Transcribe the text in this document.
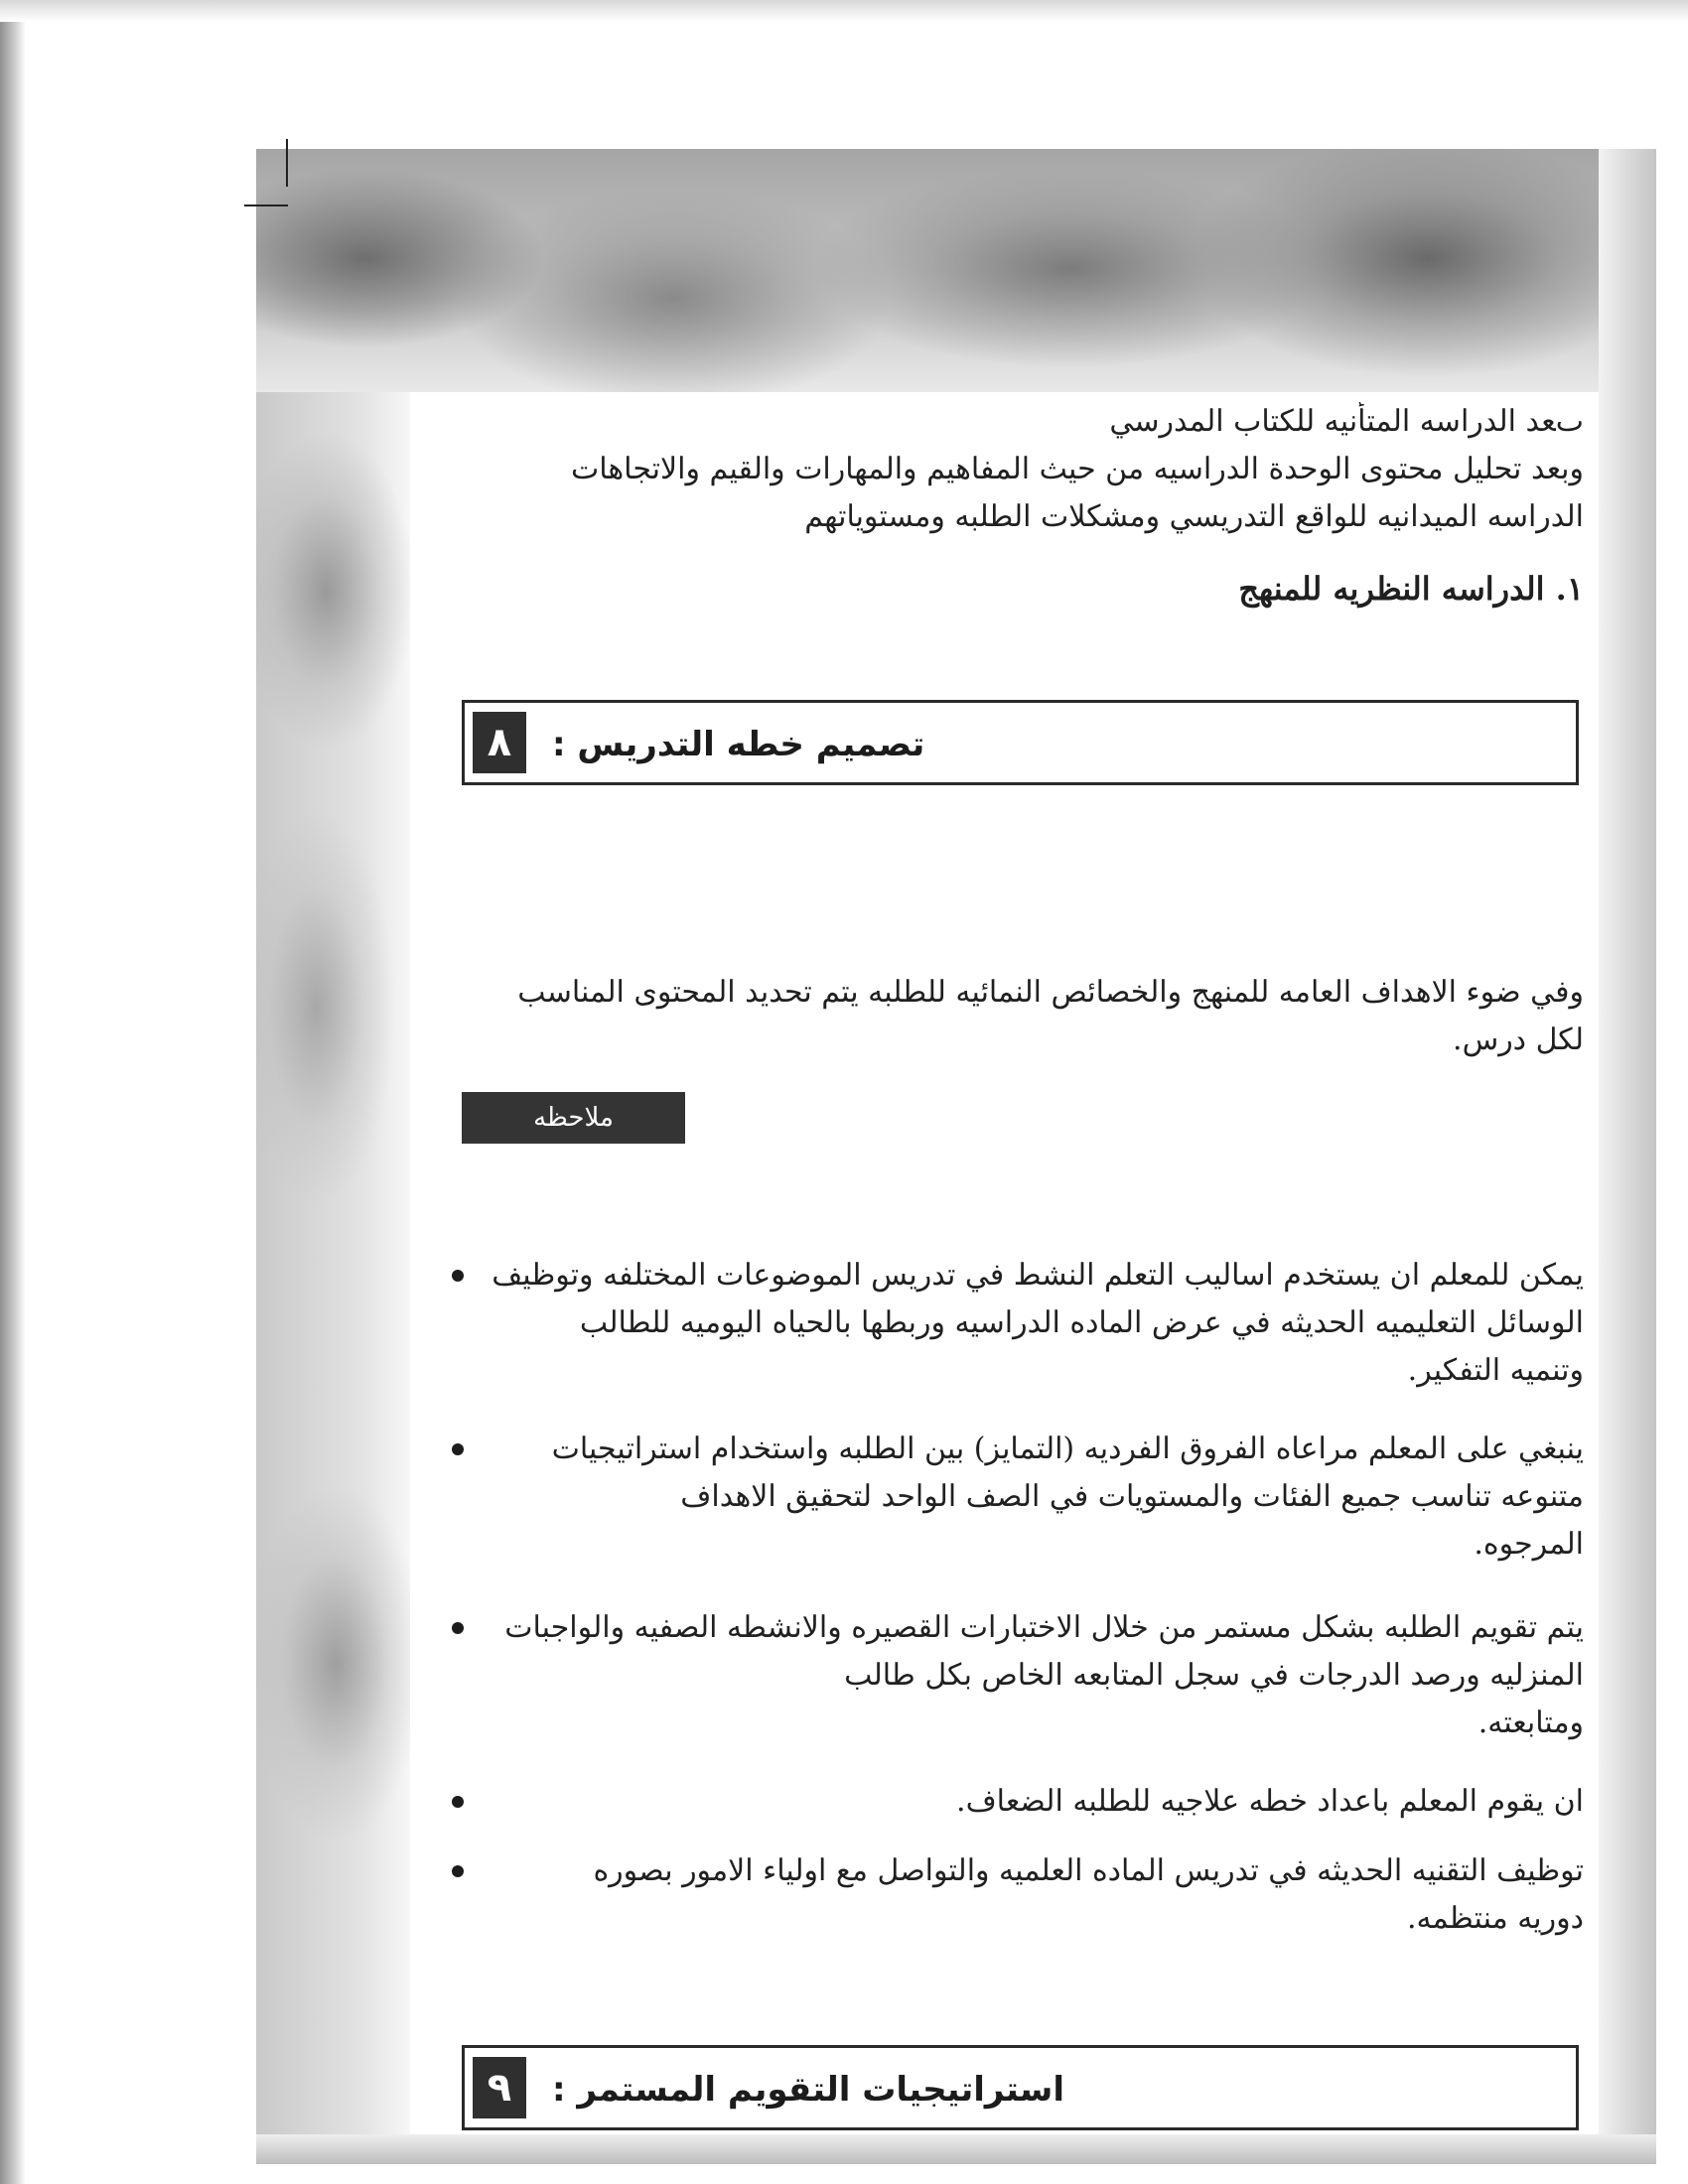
ٮﻌﺪ ﺍﻟﺪﺭﺍﺳﻪ ﺍﻟﻤﺘﺄﻧﻴﻪ ﻟﻠﻜﺘﺎﺏ ﺍﻟﻤﺪﺭﺳﻲ
ﻭﺑﻌﺪ ﺗﺤﻠﻴﻞ ﻣﺤﺘﻮﻯ ﺍﻟﻮﺣﺪﺓ ﺍﻟﺪﺭﺍﺳﻴﻪ ﻣﻦ ﺣﻴﺚ ﺍﻟﻤﻔﺎﻫﻴﻢ ﻭﺍﻟﻤﻬﺎﺭﺍﺕ ﻭﺍﻟﻘﻴﻢ ﻭﺍﻻﺗﺠﺎﻫﺎﺕ
ﺍﻟﺪﺭﺍﺳﻪ ﺍﻟﻤﻴﺪﺍﻧﻴﻪ ﻟﻠﻮﺍﻗﻊ ﺍﻟﺘﺪﺭﻳﺴﻲ ﻭﻣﺸﻜﻼﺕ ﺍﻟﻄﻠﺒﻪ ﻭﻣﺴﺘﻮﻳﺎﺗﻬﻢ
١. ﺍﻟﺪﺭﺍﺳﻪ ﺍﻟﻨﻈﺮﻳﻪ ﻟﻠﻤﻨﻬﺞ
٨	ﺗﺼﻤﻴﻢ ﺧﻄﻪ ﺍﻟﺘﺪﺭﻳﺲ :
ﻭﻓﻲ ﺿﻮﺀ ﺍﻻﻫﺪﺍﻑ ﺍﻟﻌﺎﻣﻪ ﻟﻠﻤﻨﻬﺞ ﻭﺍﻟﺨﺼﺎﺋﺺ ﺍﻟﻨﻤﺎﺋﻴﻪ ﻟﻠﻄﻠﺒﻪ ﻳﺘﻢ ﺗﺤﺪﻳﺪ ﺍﻟﻤﺤﺘﻮﻯ ﺍﻟﻤﻨﺎﺳﺐ
ﻟﻜﻞ ﺩﺭﺱ.
ﻣﻼﺣﻈﻪ
ﻳﻤﻜﻦ ﻟﻠﻤﻌﻠﻢ ﺍﻥ ﻳﺴﺘﺨﺪﻡ ﺍﺳﺎﻟﻴﺐ ﺍﻟﺘﻌﻠﻢ ﺍﻟﻨﺸﻂ ﻓﻲ ﺗﺪﺭﻳﺲ ﺍﻟﻤﻮﺿﻮﻋﺎﺕ ﺍﻟﻤﺨﺘﻠﻔﻪ ﻭﺗﻮﻇﻴﻒ
ﺍﻟﻮﺳﺎﺋﻞ ﺍﻟﺘﻌﻠﻴﻤﻴﻪ ﺍﻟﺤﺪﻳﺜﻪ ﻓﻲ ﻋﺮﺽ ﺍﻟﻤﺎﺩﻩ ﺍﻟﺪﺭﺍﺳﻴﻪ ﻭﺭﺑﻄﻬﺎ ﺑﺎﻟﺤﻴﺎﻩ ﺍﻟﻴﻮﻣﻴﻪ ﻟﻠﻄﺎﻟﺐ
ﻭﺗﻨﻤﻴﻪ ﺍﻟﺘﻔﻜﻴﺮ.
ﻳﻨﺒﻐﻲ ﻋﻠﻰ ﺍﻟﻤﻌﻠﻢ ﻣﺮﺍﻋﺎﻩ ﺍﻟﻔﺮﻭﻕ ﺍﻟﻔﺮﺩﻳﻪ (ﺍﻟﺘﻤﺎﻳﺰ) ﺑﻴﻦ ﺍﻟﻄﻠﺒﻪ ﻭﺍﺳﺘﺨﺪﺍﻡ ﺍﺳﺘﺮﺍﺗﻴﺠﻴﺎﺕ
ﻣﺘﻨﻮﻋﻪ ﺗﻨﺎﺳﺐ ﺟﻤﻴﻊ ﺍﻟﻔﺌﺎﺕ ﻭﺍﻟﻤﺴﺘﻮﻳﺎﺕ ﻓﻲ ﺍﻟﺼﻒ ﺍﻟﻮﺍﺣﺪ ﻟﺘﺤﻘﻴﻖ ﺍﻻﻫﺪﺍﻑ
ﺍﻟﻤﺮﺟﻮﻩ.
ﻳﺘﻢ ﺗﻘﻮﻳﻢ ﺍﻟﻄﻠﺒﻪ ﺑﺸﻜﻞ ﻣﺴﺘﻤﺮ ﻣﻦ ﺧﻼﻝ ﺍﻻﺧﺘﺒﺎﺭﺍﺕ ﺍﻟﻘﺼﻴﺮﻩ ﻭﺍﻻﻧﺸﻄﻪ ﺍﻟﺼﻔﻴﻪ ﻭﺍﻟﻮﺍﺟﺒﺎﺕ
ﺍﻟﻤﻨﺰﻟﻴﻪ ﻭﺭﺻﺪ ﺍﻟﺪﺭﺟﺎﺕ ﻓﻲ ﺳﺠﻞ ﺍﻟﻤﺘﺎﺑﻌﻪ ﺍﻟﺨﺎﺹ ﺑﻜﻞ ﻃﺎﻟﺐ
ﻭﻣﺘﺎﺑﻌﺘﻪ.
ﺍﻥ ﻳﻘﻮﻡ ﺍﻟﻤﻌﻠﻢ ﺑﺎﻋﺪﺍﺩ ﺧﻄﻪ ﻋﻼﺟﻴﻪ ﻟﻠﻄﻠﺒﻪ ﺍﻟﻀﻌﺎﻑ.
ﺗﻮﻇﻴﻒ ﺍﻟﺘﻘﻨﻴﻪ ﺍﻟﺤﺪﻳﺜﻪ ﻓﻲ ﺗﺪﺭﻳﺲ ﺍﻟﻤﺎﺩﻩ ﺍﻟﻌﻠﻤﻴﻪ ﻭﺍﻟﺘﻮﺍﺻﻞ ﻣﻊ ﺍﻭﻟﻴﺎﺀ ﺍﻻﻣﻮﺭ ﺑﺼﻮﺭﻩ
ﺩﻭﺭﻳﻪ ﻣﻨﺘﻈﻤﻪ.
٩	ﺍﺳﺘﺮﺍﺗﻴﺠﻴﺎﺕ ﺍﻟﺘﻘﻮﻳﻢ ﺍﻟﻤﺴﺘﻤﺮ :
